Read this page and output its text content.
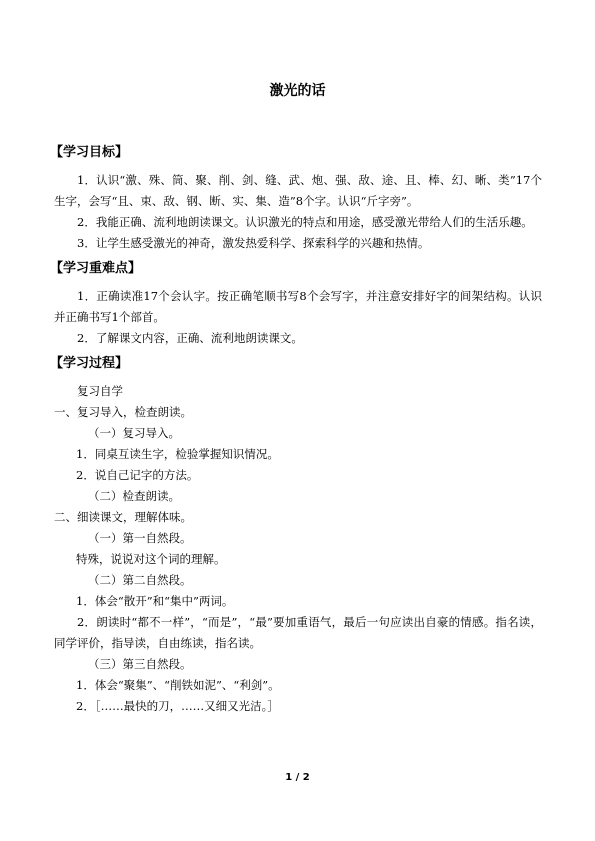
激光的话
【学习目标】

1．认识“激、殊、筒、聚、削、剑、缝、武、炮、强、敌、途、且、棒、幻、晰、类”17个生字，会写“且、束、敌、钢、断、实、集、造”8个字。认识“斤字旁”。

2．我能正确、流利地朗读课文。认识激光的特点和用途，感受激光带给人们的生活乐趣。

3．让学生感受激光的神奇，激发热爱科学、探索科学的兴趣和热情。

【学习重难点】

1．正确读准17个会认字。按正确笔顺书写8个会写字，并注意安排好字的间架结构。认识并正确书写1个部首。

2．了解课文内容，正确、流利地朗读课文。

【学习过程】

复习自学

一、复习导入，检查朗读。

（一）复习导入。

1．同桌互读生字，检验掌握知识情况。

2．说自己记字的方法。

（二）检查朗读。

二、细读课文，理解体味。

（一）第一自然段。

特殊，说说对这个词的理解。

（二）第二自然段。

1．体会“散开”和“集中”两词。

2．朗读时“都不一样”，“而是”，“最”要加重语气，最后一句应读出自豪的情感。指名读，同学评价，指导读，自由练读，指名读。

（三）第三自然段。

1．体会“聚集”、“削铁如泥”、“利剑”。

2．［……最快的刀，……又细又光洁。］

1 / 2
